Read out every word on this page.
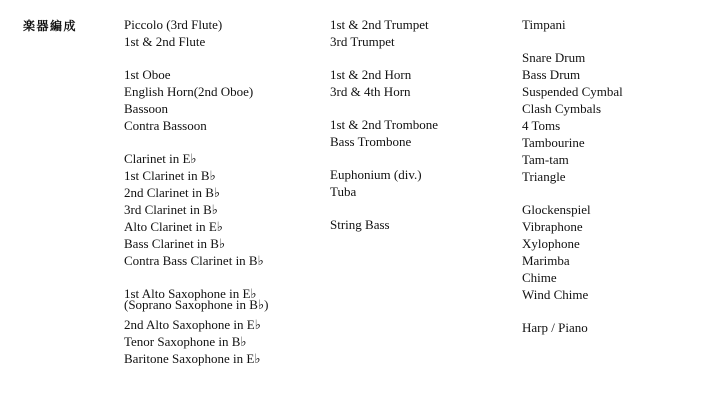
楽器編成	Piccolo (3rd Flute)
1st & 2nd Flute
1st Oboe
English Horn(2nd Oboe)
Bassoon
Contra Bassoon
Clarinet in E♭
1st Clarinet in B♭
2nd Clarinet in B♭
3rd Clarinet in B♭
Alto Clarinet in E♭
Bass Clarinet in B♭
Contra Bass Clarinet in B♭
1st Alto Saxophone in E♭
(Soprano Saxophone in B♭)
2nd Alto Saxophone in E♭
Tenor Saxophone in B♭
Baritone Saxophone in E♭
1st & 2nd Trumpet
3rd Trumpet
1st & 2nd Horn
3rd & 4th Horn
1st & 2nd Trombone
Bass Trombone
Euphonium (div.)
Tuba
String Bass
Timpani
Snare Drum
Bass Drum
Suspended Cymbal
Clash Cymbals
4 Toms
Tambourine
Tam-tam
Triangle
Glockenspiel
Vibraphone
Xylophone
Marimba
Chime
Wind Chime
Harp / Piano
